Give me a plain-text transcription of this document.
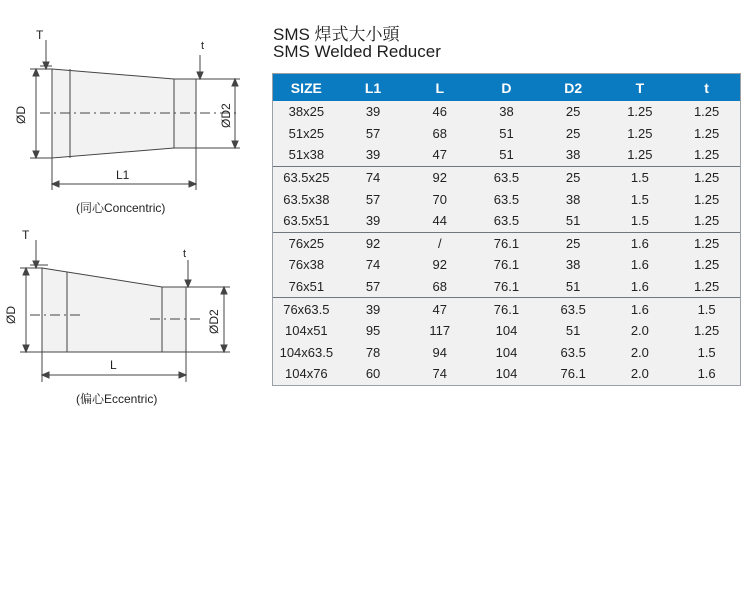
SMS 焊式大小頭
SMS Welded Reducer
T
t
ØD	ØD2
L1
(同心Concentric)
T
t
ØD	ØD2
L
(偏心Eccentric)
SIZE	L1	L	D	D2	T	t
38x25	39	46	38	25	1.25	1.25
51x25	57	68	51	25	1.25	1.25
51x38	39	47	51	38	1.25	1.25
63.5x25	74	92	63.5	25	1.5	1.25
63.5x38	57	70	63.5	38	1.5	1.25
63.5x51	39	44	63.5	51	1.5	1.25
76x25	92	/	76.1	25	1.6	1.25
76x38	74	92	76.1	38	1.6	1.25
76x51	57	68	76.1	51	1.6	1.25
76x63.5	39	47	76.1	63.5	1.6	1.5
104x51	95	117	104	51	2.0	1.25
104x63.5	78	94	104	63.5	2.0	1.5
104x76	60	74	104	76.1	2.0	1.6
